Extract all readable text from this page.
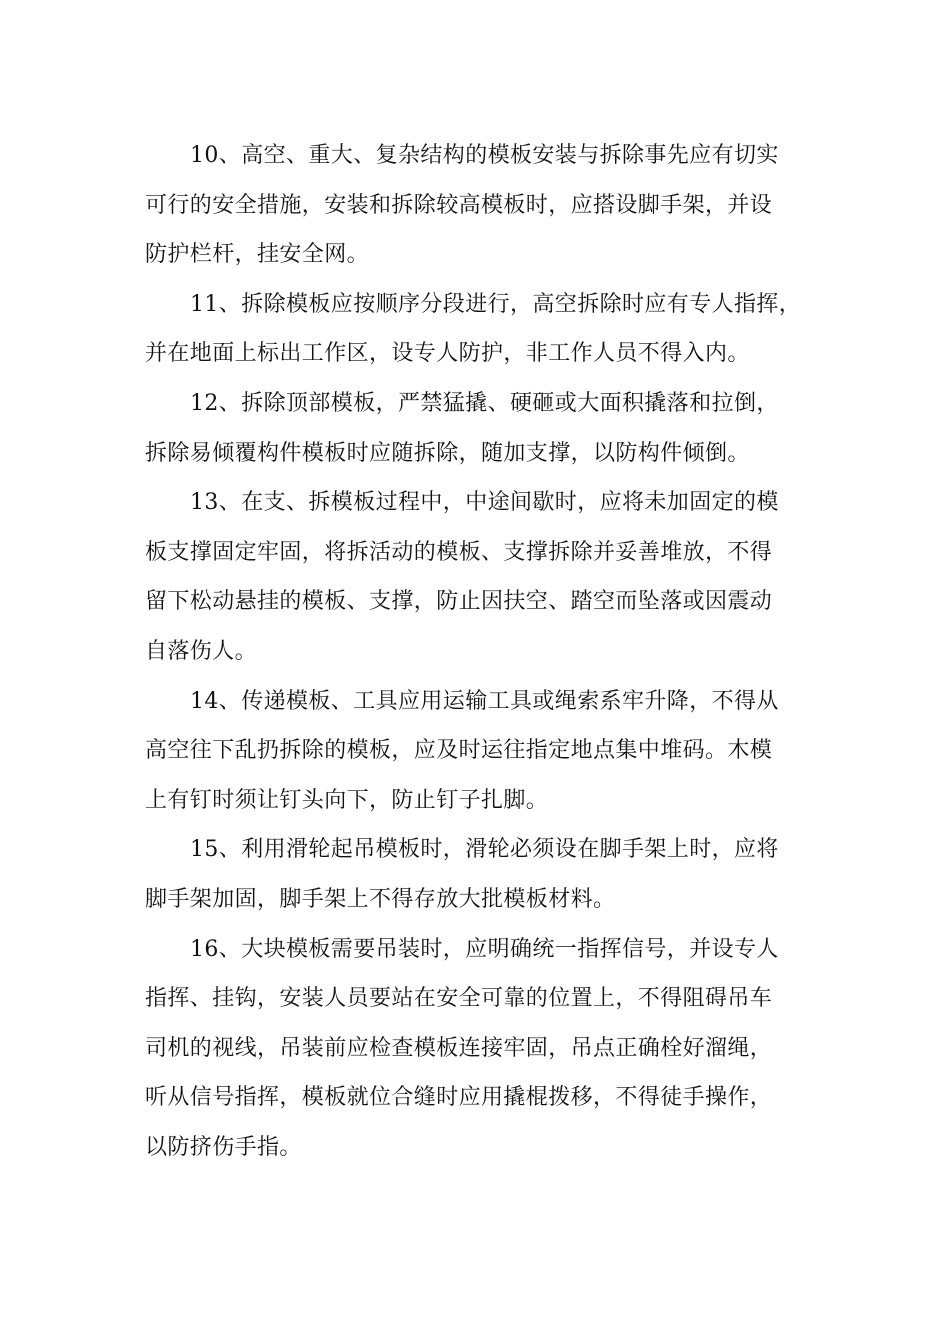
10、高空、重大、复杂结构的模板安装与拆除事先应有切实
可行的安全措施，安装和拆除较高模板时，应搭设脚手架，并设
防护栏杆，挂安全网。
11、拆除模板应按顺序分段进行，高空拆除时应有专人指挥，
并在地面上标出工作区，设专人防护，非工作人员不得入内。
12、拆除顶部模板，严禁猛撬、硬砸或大面积撬落和拉倒，
拆除易倾覆构件模板时应随拆除，随加支撑，以防构件倾倒。
13、在支、拆模板过程中，中途间歇时，应将未加固定的模
板支撑固定牢固，将拆活动的模板、支撑拆除并妥善堆放，不得
留下松动悬挂的模板、支撑，防止因扶空、踏空而坠落或因震动
自落伤人。
14、传递模板、工具应用运输工具或绳索系牢升降，不得从
高空往下乱扔拆除的模板，应及时运往指定地点集中堆码。木模
上有钉时须让钉头向下，防止钉子扎脚。
15、利用滑轮起吊模板时，滑轮必须设在脚手架上时，应将
脚手架加固，脚手架上不得存放大批模板材料。
16、大块模板需要吊装时，应明确统一指挥信号，并设专人
指挥、挂钩，安装人员要站在安全可靠的位置上，不得阻碍吊车
司机的视线，吊装前应检查模板连接牢固，吊点正确栓好溜绳，
听从信号指挥，模板就位合缝时应用撬棍拨移，不得徒手操作，
以防挤伤手指。
